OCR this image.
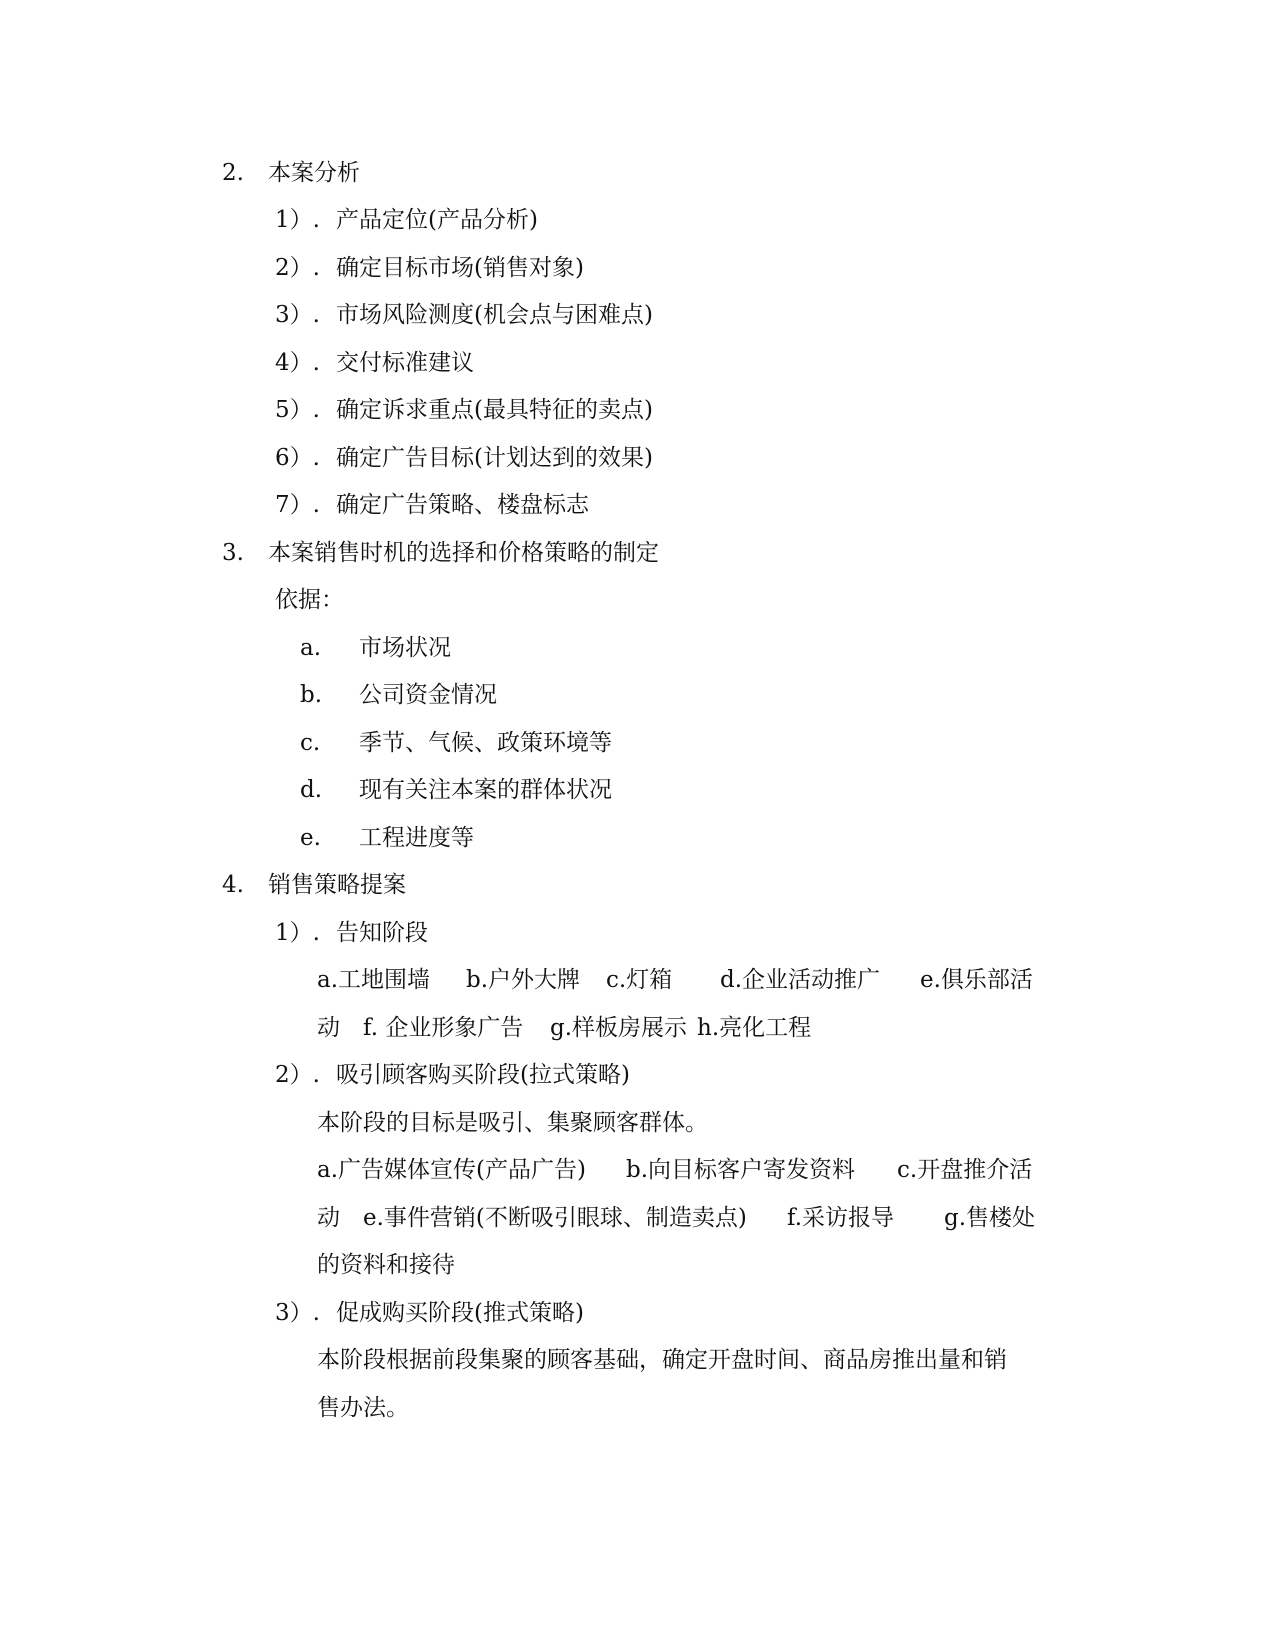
2. 本案分析
1）. 产品定位(产品分析)
2）. 确定目标市场(销售对象)
3）. 市场风险测度(机会点与困难点)
4）. 交付标准建议
5）. 确定诉求重点(最具特征的卖点)
6）. 确定广告目标(计划达到的效果)
7）. 确定广告策略、楼盘标志
3. 本案销售时机的选择和价格策略的制定
依据：
a. 市场状况
b. 公司资金情况
c. 季节、气候、政策环境等
d. 现有关注本案的群体状况
e. 工程进度等
4. 销售策略提案
1）. 告知阶段
a.工地围墙 b.户外大牌 c.灯箱 d.企业活动推广 e.俱乐部活
动 f. 企业形象广告 g.样板房展示 h.亮化工程
2）. 吸引顾客购买阶段(拉式策略)
本阶段的目标是吸引、集聚顾客群体。
a.广告媒体宣传(产品广告) b.向目标客户寄发资料 c.开盘推介活
动 e.事件营销(不断吸引眼球、制造卖点) f.采访报导 g.售楼处
的资料和接待
3）. 促成购买阶段(推式策略)
本阶段根据前段集聚的顾客基础，确定开盘时间、商品房推出量和销
售办法。
